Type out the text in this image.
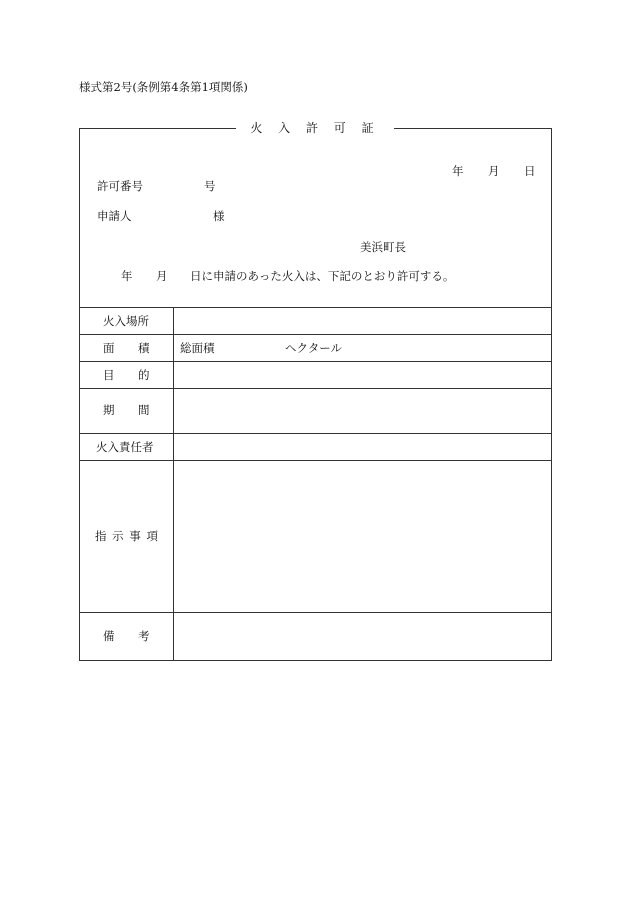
様式第2号(条例第4条第1項関係)
火 入 許 可 証
年 月 日
許可番号	号
申請人	様
美浜町長
年 月 日に申請のあった火入は、下記のとおり許可する。
火入場所
面 積	総面積	ヘクタール
目 的
期 間
火入責任者
指 示 事 項
備 考
